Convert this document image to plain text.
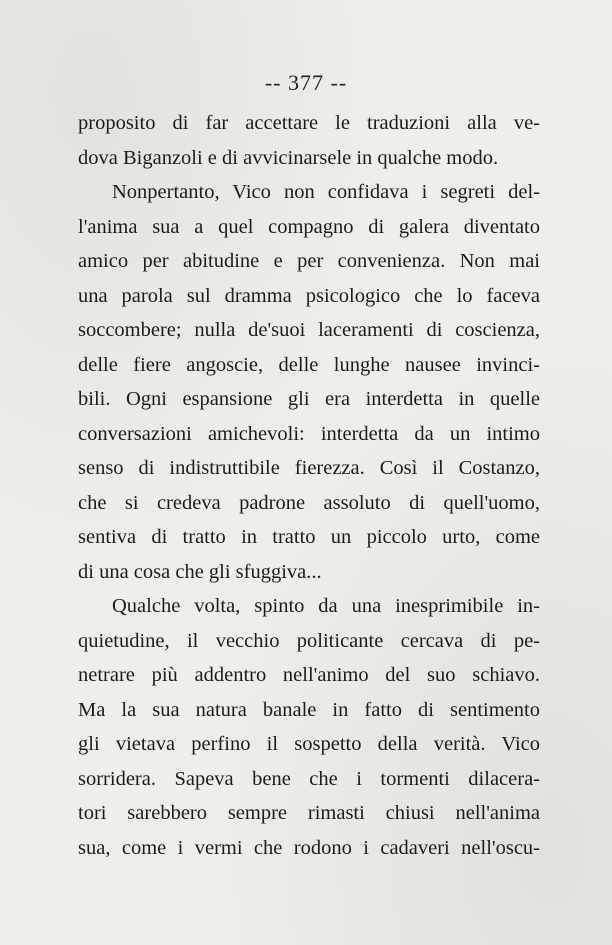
-- 377 --
proposito di far accettare le traduzioni alla ve-
dova Biganzoli e di avvicinarsele in qualche modo.
Nonpertanto, Vico non confidava i segreti del-
l'anima sua a quel compagno di galera diventato
amico per abitudine e per convenienza. Non mai
una parola sul dramma psicologico che lo faceva
soccombere; nulla de'suoi laceramenti di coscienza,
delle fiere angoscie, delle lunghe nausee invinci-
bili. Ogni espansione gli era interdetta in quelle
conversazioni amichevoli: interdetta da un intimo
senso di indistruttibile fierezza. Così il Costanzo,
che si credeva padrone assoluto di quell'uomo,
sentiva di tratto in tratto un piccolo urto, come
di una cosa che gli sfuggiva...
Qualche volta, spinto da una inesprimibile in-
quietudine, il vecchio politicante cercava di pe-
netrare più addentro nell'animo del suo schiavo.
Ma la sua natura banale in fatto di sentimento
gli vietava perfino il sospetto della verità. Vico
sorridera. Sapeva bene che i tormenti dilacera-
tori sarebbero sempre rimasti chiusi nell'anima
sua, come i vermi che rodono i cadaveri nell'oscu-
